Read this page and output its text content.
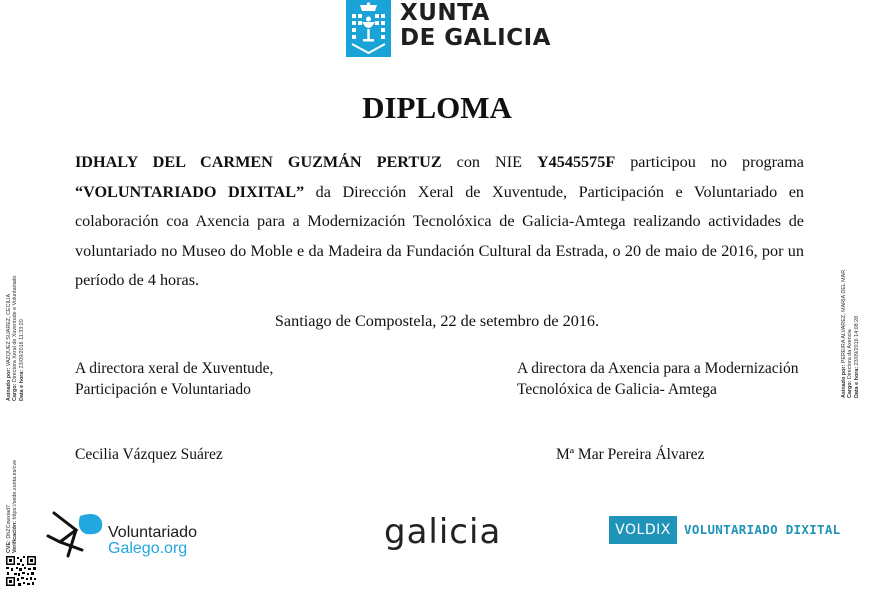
XUNTA
DE GALICIA
DIPLOMA
IDHALY DEL CARMEN GUZMÁN PERTUZ con NIE Y4545575F participou no programa “VOLUNTARIADO DIXITAL” da Dirección Xeral de Xuventude, Participación e Voluntariado en colaboración coa Axencia para a Modernización Tecnolóxica de Galicia-Amtega realizando actividades de voluntariado no Museo do Moble e da Madeira da Fundación Cultural da Estrada, o 20 de maio de 2016, por un período de 4 horas.
Santiago de Compostela, 22 de setembro de 2016.
A directora xeral de Xuventude,
Participación e Voluntariado
A directora da Axencia para a Modernización
Tecnolóxica de Galicia- Amtega
Cecilia Vázquez Suárez	Mª Mar Pereira Álvarez
Asinado por: VAZQUEZ SUAREZ, CECILIA
Cargo: Directora Xeral de Xuventude e Voluntariado
Data e hora: 23/09/2016 11:33:20
CVE: DhZCxwxiad7 Verificación: https://sede.xunta.es/cve
Asinado por: PEREIRA ALVAREZ, MARIA DEL MAR
Cargo: Directora da Axencia
Data e hora: 23/09/2016 14:08:28
Voluntariado
Galego.org	galicia	VOLDIX	VOLUNTARIADO DIXITAL
